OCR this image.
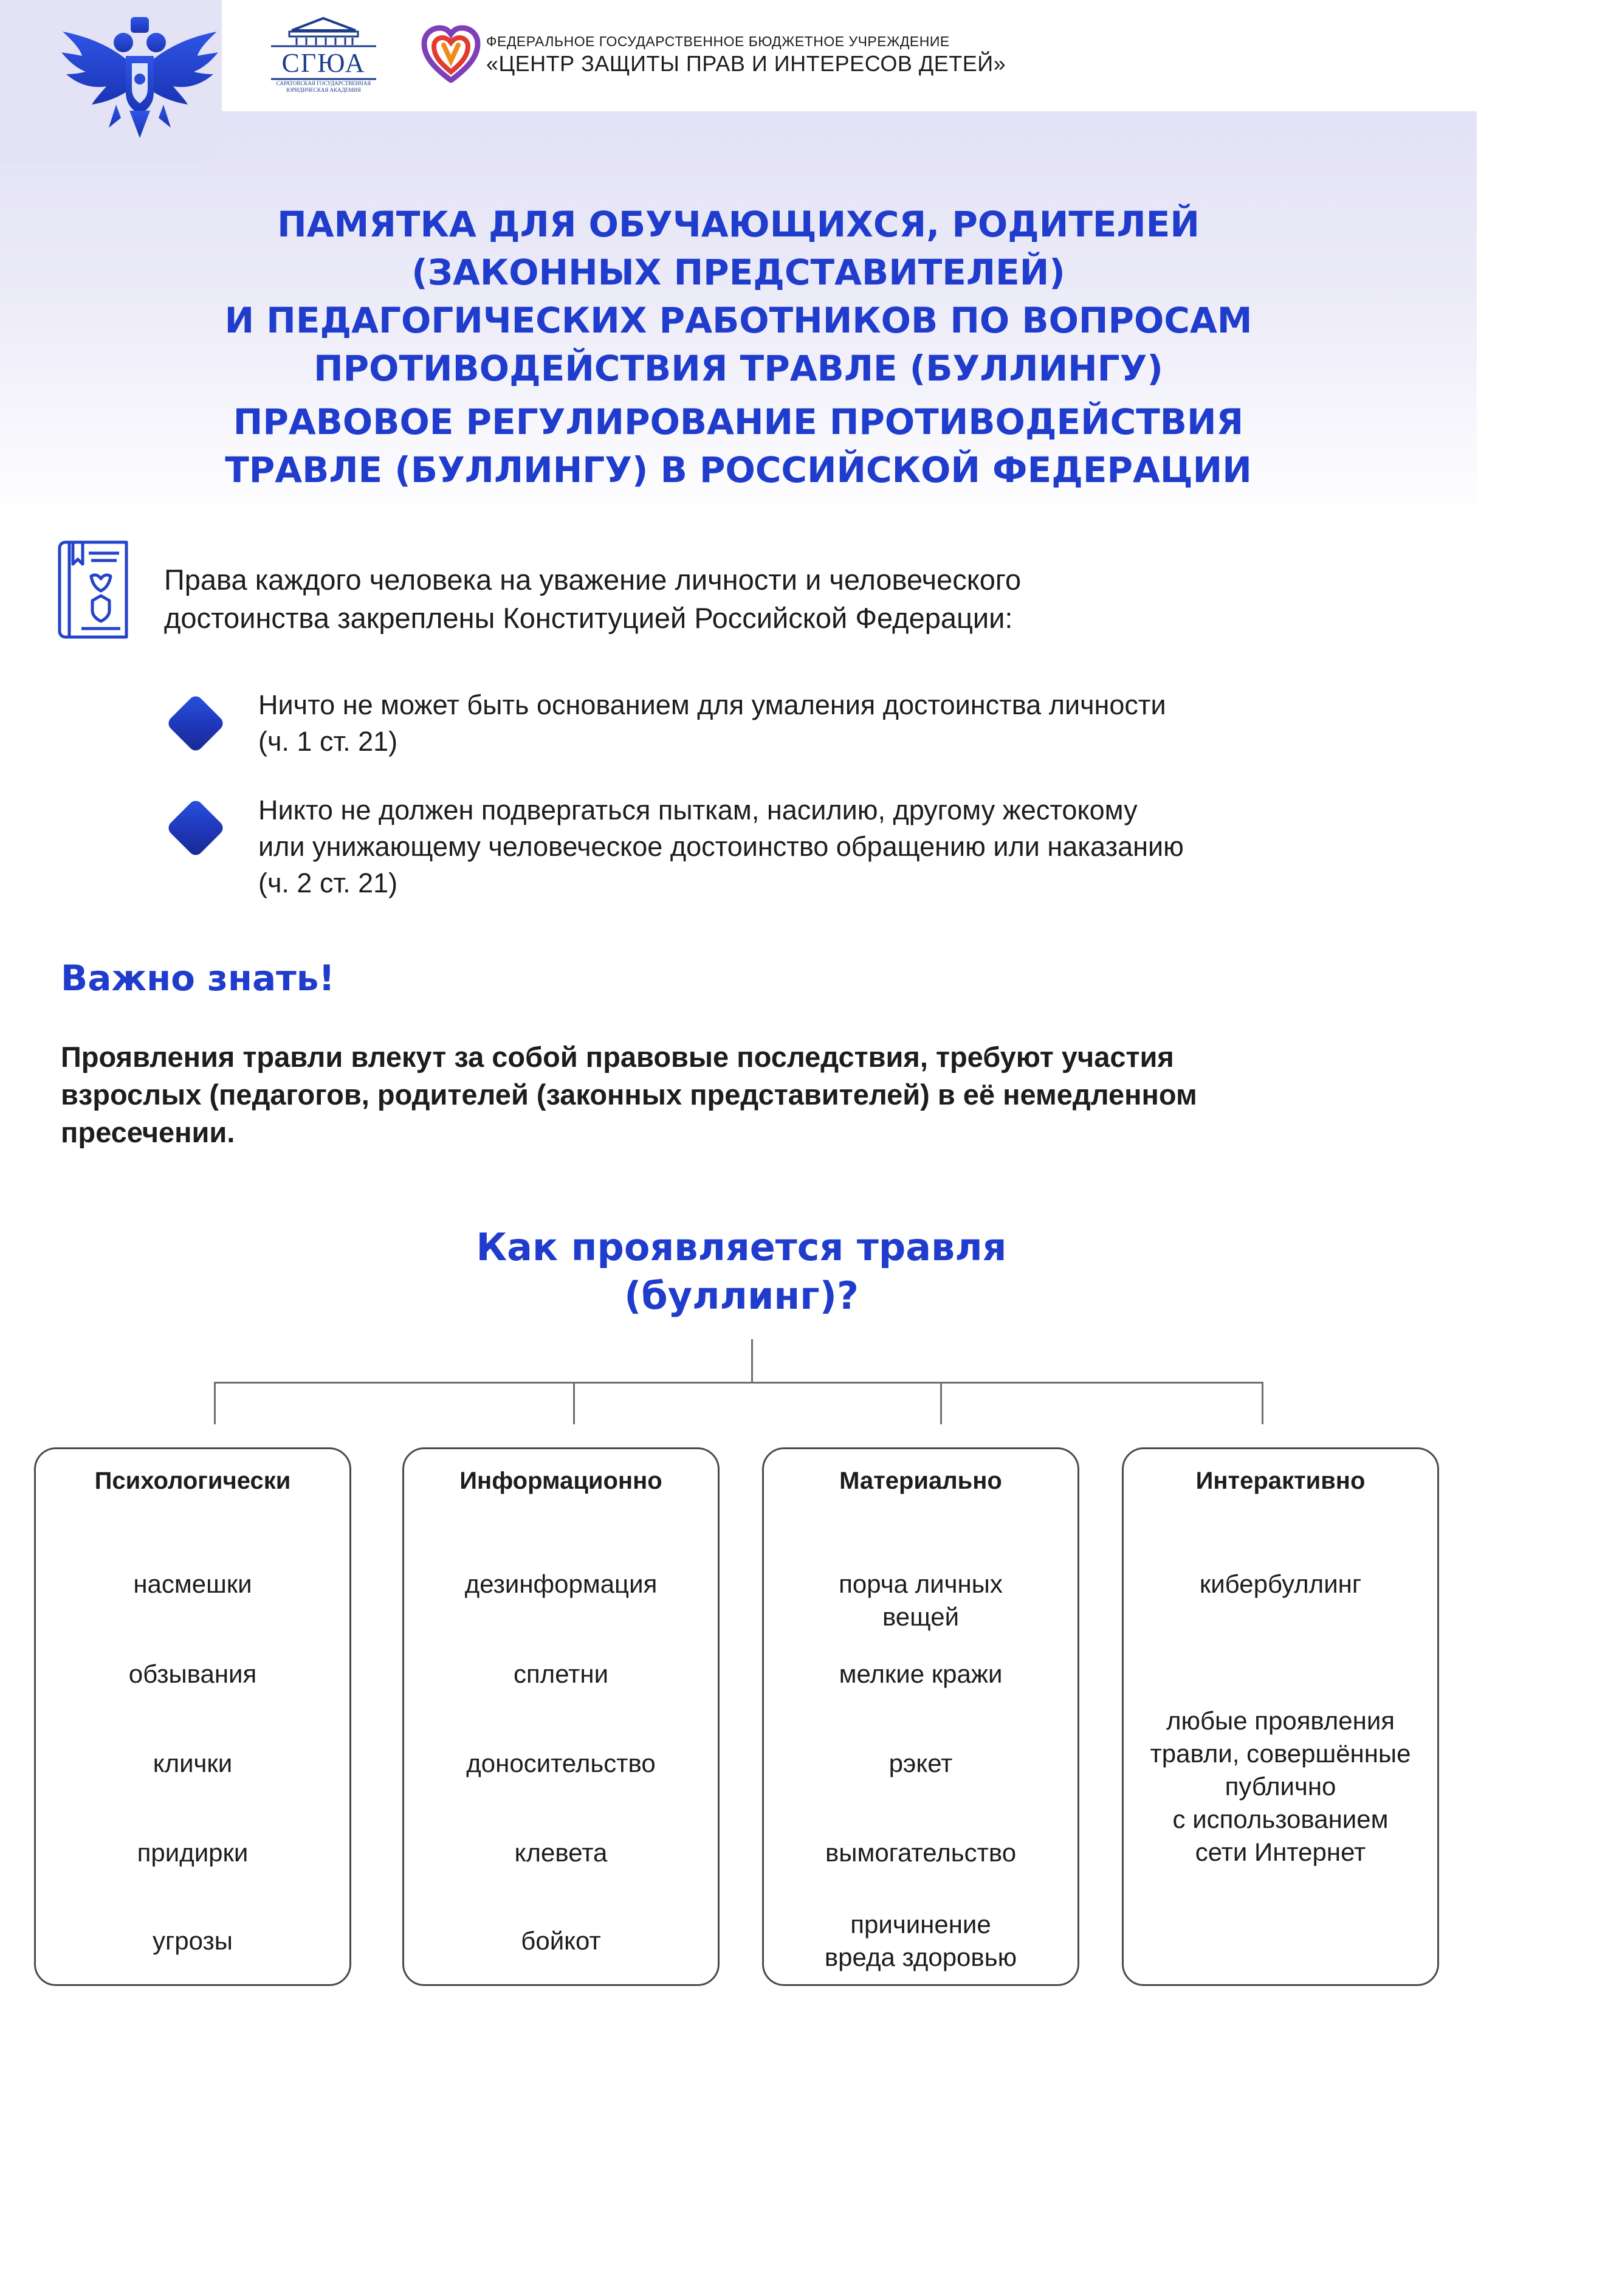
СГЮА
САРАТОВСКАЯ ГОСУДАРСТВЕННАЯ ЮРИДИЧЕСКАЯ АКАДЕМИЯ
ФЕДЕРАЛЬНОЕ ГОСУДАРСТВЕННОЕ БЮДЖЕТНОЕ УЧРЕЖДЕНИЕ
«ЦЕНТР ЗАЩИТЫ ПРАВ И ИНТЕРЕСОВ ДЕТЕЙ»

ПАМЯТКА ДЛЯ ОБУЧАЮЩИХСЯ, РОДИТЕЛЕЙ
(ЗАКОННЫХ ПРЕДСТАВИТЕЛЕЙ)
И ПЕДАГОГИЧЕСКИХ РАБОТНИКОВ ПО ВОПРОСАМ
ПРОТИВОДЕЙСТВИЯ ТРАВЛЕ (БУЛЛИНГУ)

ПРАВОВОЕ РЕГУЛИРОВАНИЕ ПРОТИВОДЕЙСТВИЯ
ТРАВЛЕ (БУЛЛИНГУ) В РОССИЙСКОЙ ФЕДЕРАЦИИ

Права каждого человека на уважение личности и человеческого
достоинства закреплены Конституцией Российской Федерации:

Ничто не может быть основанием для умаления достоинства личности
(ч. 1 ст. 21)

Никто не должен подвергаться пыткам, насилию, другому жестокому
или унижающему человеческое достоинство обращению или наказанию
(ч. 2 ст. 21)

Важно знать!

Проявления травли влекут за собой правовые последствия, требуют участия
взрослых (педагогов, родителей (законных представителей) в её немедленном
пресечении.

Как проявляется травля
(буллинг)?

Психологически
насмешки
обзывания
клички
придирки
угрозы
Информационно
дезинформация
сплетни
доносительство
клевета
бойкот
Материально
порча личных
вещей
мелкие кражи
рэкет
вымогательство
причинение
вреда здоровью
Интерактивно
кибербуллинг
любые проявления
травли, совершённые
публично
с использованием
сети Интернет
